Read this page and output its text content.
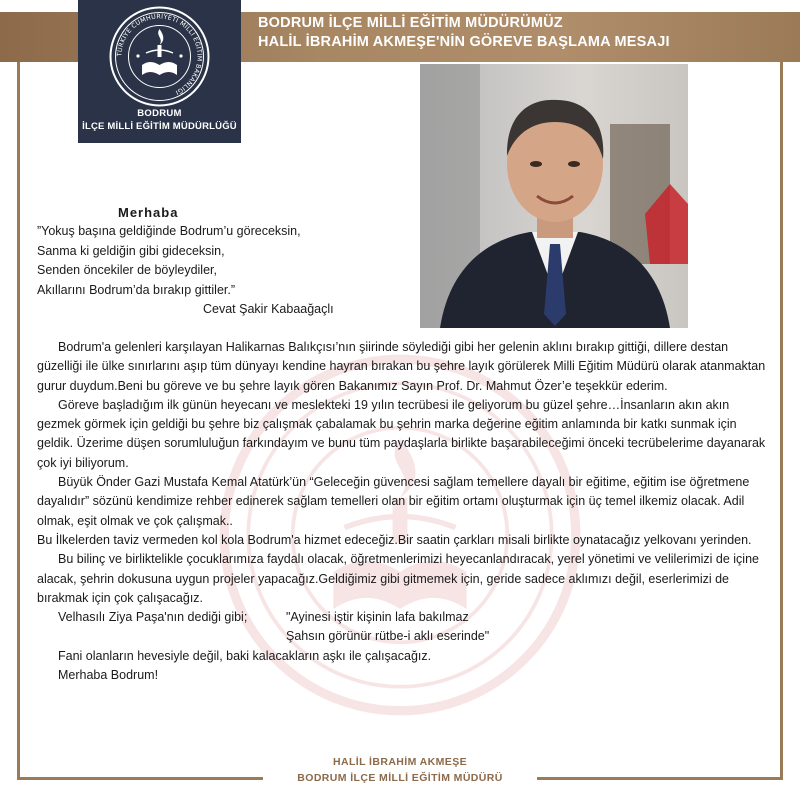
BODRUM İLÇE MİLLİ EĞİTİM MÜDÜRÜMÜZ
HALİL İBRAHİM AKMEŞE'NİN GÖREVE BAŞLAMA MESAJI
TÜRKİYE CUMHURİYETİ MİLLİ EĞİTİM BAKANLIĞI
BODRUM
İLÇE MİLLİ EĞİTİM MÜDÜRLÜĞÜ
Merhaba
”Yokuş başına geldiğinde Bodrum’u göreceksin,
Sanma ki geldiğin gibi gideceksin,
Senden öncekiler de böyleydiler,
Akıllarını Bodrum’da bırakıp gittiler.”
Cevat Şakir Kabaağaçlı

Bodrum'a gelenleri karşılayan Halikarnas Balıkçısı’nın şiirinde söylediği gibi her gelenin aklını bırakıp gittiği, dillere destan güzelliği ile ülke sınırlarını aşıp tüm dünyayı kendine hayran bırakan bu şehre layık görülerek Milli Eğitim Müdürü olarak atanmaktan gurur duydum.Beni bu göreve ve bu şehre layık gören Bakanımız Sayın Prof. Dr. Mahmut Özer’e teşekkür ederim.

Göreve başladığım ilk günün heyecanı ve meslekteki 19 yılın tecrübesi ile geliyorum bu güzel şehre…İnsanların akın akın gezmek görmek için geldiği bu şehre biz çalışmak çabalamak bu şehrin marka değerine eğitim anlamında bir katkı sunmak için geldik. Üzerime düşen sorumluluğun farkındayım ve bunu tüm paydaşlarla birlikte başarabileceğimi önceki tecrübelerime dayanarak çok iyi biliyorum.

Büyük Önder Gazi Mustafa Kemal Atatürk’ün “Geleceğin güvencesi sağlam temellere dayalı bir eğitime, eğitim ise öğretmene dayalıdır” sözünü kendimize rehber edinerek sağlam temelleri olan bir eğitim ortamı oluşturmak için üç temel ilkemiz olacak. Adil olmak, eşit olmak ve çok çalışmak..

Bu İlkelerden taviz vermeden kol kola Bodrum'a hizmet edeceğiz.Bir saatin çarkları misali birlikte oynatacağız yelkovanı yerinden.

Bu bilinç ve birliktelikle çocuklarımıza faydalı olacak, öğretmenlerimizi heyecanlandıracak, yerel yönetimi ve velilerimizi de içine alacak, şehrin dokusuna uygun projeler yapacağız.Geldiğimiz gibi gitmemek için, geride sadece aklımızı değil, eserlerimizi de bırakmak için çok çalışacağız.

Velhasılı Ziya Paşa'nın dediği gibi;	"Ayinesi iştir kişinin lafa bakılmaz
Şahsın görünür rütbe-i aklı eserinde"

Fani olanların hevesiyle değil, baki kalacakların aşkı ile çalışacağız.

Merhaba Bodrum!

HALİL İBRAHİM AKMEŞE
BODRUM İLÇE MİLLİ EĞİTİM MÜDÜRÜ
